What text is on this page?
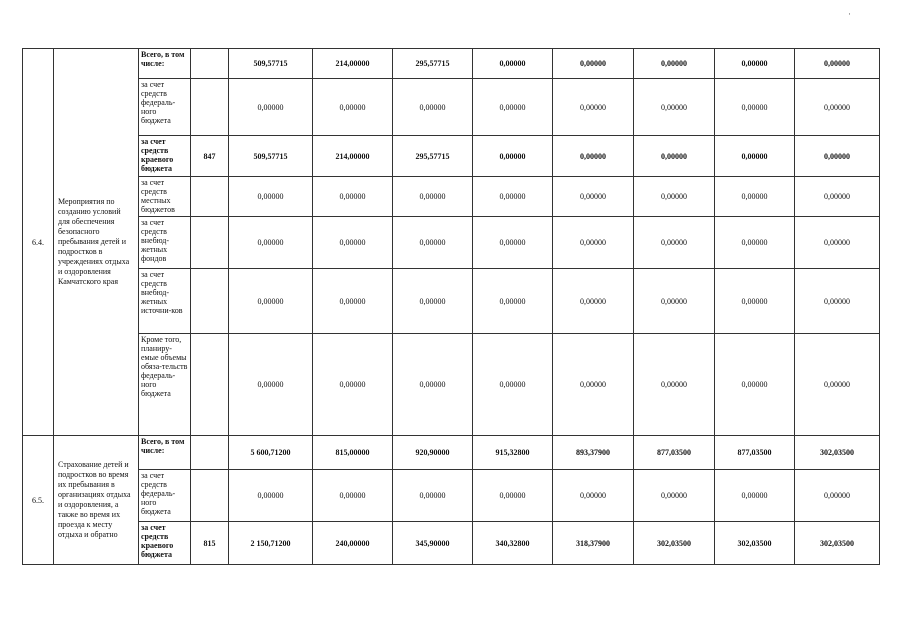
·
6.4.	Мероприятия по созданию условий для обеспечения безопасного пребывания детей и подростков в учреждениях отдыха и оздоровления Камчатского края	Всего, в том числе:		509,57715	214,00000	295,57715	0,00000	0,00000	0,00000	0,00000	0,00000
		за счет средств федераль-ного бюджета		0,00000	0,00000	0,00000	0,00000	0,00000	0,00000	0,00000	0,00000
		за счет средств краевого бюджета	847	509,57715	214,00000	295,57715	0,00000	0,00000	0,00000	0,00000	0,00000
		за счет средств местных бюджетов		0,00000	0,00000	0,00000	0,00000	0,00000	0,00000	0,00000	0,00000
		за счет средств внебюд-жетных фондов		0,00000	0,00000	0,00000	0,00000	0,00000	0,00000	0,00000	0,00000
		за счет средств внебюд-жетных источни-ков		0,00000	0,00000	0,00000	0,00000	0,00000	0,00000	0,00000	0,00000
		Кроме того, планиру-емые объемы обяза-тельств федераль-ного бюджета		0,00000	0,00000	0,00000	0,00000	0,00000	0,00000	0,00000	0,00000
6.5.	Страхование детей и подростков во время их пребывания в организациях отдыха и оздоровления, а также во время их проезда к месту отдыха и обратно	Всего, в том числе:		5 600,71200	815,00000	920,90000	915,32800	893,37900	877,03500	877,03500	302,03500
		за счет средств федераль-ного бюджета		0,00000	0,00000	0,00000	0,00000	0,00000	0,00000	0,00000	0,00000
		за счет средств краевого бюджета	815	2 150,71200	240,00000	345,90000	340,32800	318,37900	302,03500	302,03500	302,03500
